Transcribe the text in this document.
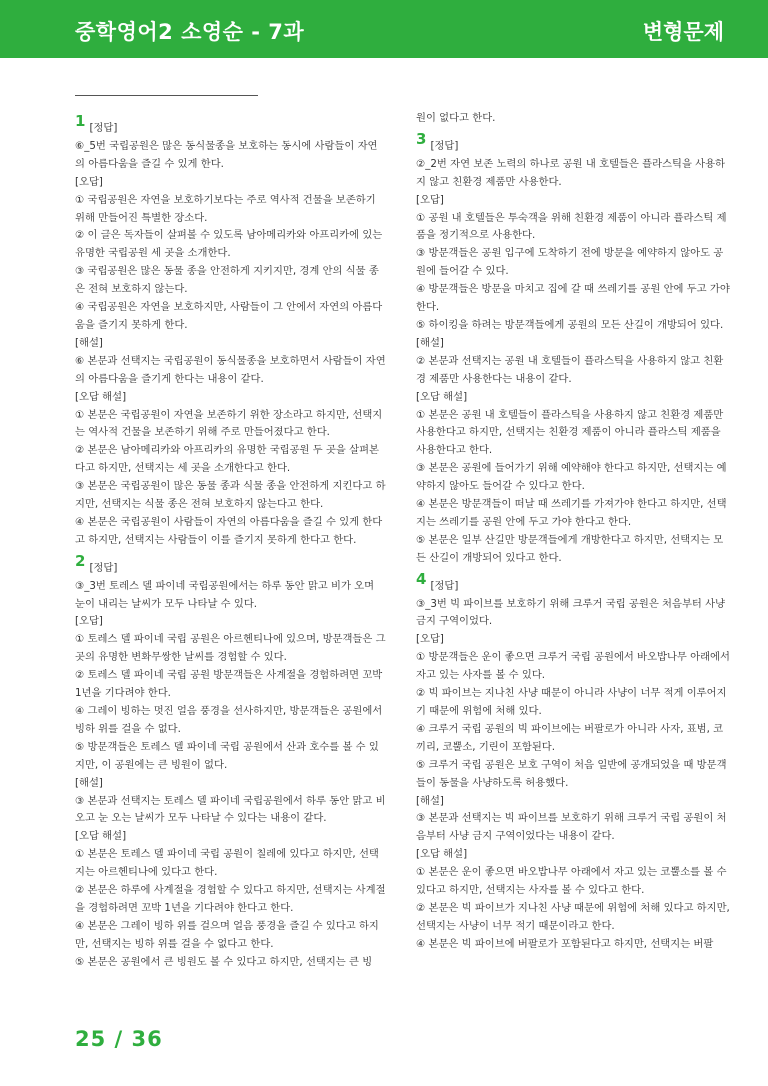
중학영어2 소영순 - 7과	변형문제
1 [정답]

⑥_5번 국립공원은 많은 동식물종을 보호하는 동시에 사람들이 자연의 아름다움을 즐길 수 있게 한다.

[오답]

① 국립공원은 자연을 보호하기보다는 주로 역사적 건물을 보존하기 위해 만들어진 특별한 장소다.

② 이 글은 독자들이 살펴볼 수 있도록 남아메리카와 아프리카에 있는 유명한 국립공원 세 곳을 소개한다.

③ 국립공원은 많은 동물 종을 안전하게 지키지만, 경계 안의 식물 종은 전혀 보호하지 않는다.

④ 국립공원은 자연을 보호하지만, 사람들이 그 안에서 자연의 아름다움을 즐기지 못하게 한다.

[해설]

⑥ 본문과 선택지는 국립공원이 동식물종을 보호하면서 사람들이 자연의 아름다움을 즐기게 한다는 내용이 같다.

[오답 해설]

① 본문은 국립공원이 자연을 보존하기 위한 장소라고 하지만, 선택지는 역사적 건물을 보존하기 위해 주로 만들어졌다고 한다.

② 본문은 남아메리카와 아프리카의 유명한 국립공원 두 곳을 살펴본다고 하지만, 선택지는 세 곳을 소개한다고 한다.

③ 본문은 국립공원이 많은 동물 종과 식물 종을 안전하게 지킨다고 하지만, 선택지는 식물 종은 전혀 보호하지 않는다고 한다.

④ 본문은 국립공원이 사람들이 자연의 아름다움을 즐길 수 있게 한다고 하지만, 선택지는 사람들이 이를 즐기지 못하게 한다고 한다.

2 [정답]

③_3번 토레스 델 파이네 국립공원에서는 하루 동안 맑고 비가 오며 눈이 내리는 날씨가 모두 나타날 수 있다.

[오답]

① 토레스 델 파이네 국립 공원은 아르헨티나에 있으며, 방문객들은 그곳의 유명한 변화무쌍한 날씨를 경험할 수 있다.

② 토레스 델 파이네 국립 공원 방문객들은 사계절을 경험하려면 꼬박 1년을 기다려야 한다.

④ 그레이 빙하는 멋진 얼음 풍경을 선사하지만, 방문객들은 공원에서 빙하 위를 걸을 수 없다.

⑤ 방문객들은 토레스 델 파이네 국립 공원에서 산과 호수를 볼 수 있지만, 이 공원에는 큰 빙원이 없다.

[해설]

③ 본문과 선택지는 토레스 델 파이네 국립공원에서 하루 동안 맑고 비 오고 눈 오는 날씨가 모두 나타날 수 있다는 내용이 같다.

[오답 해설]

① 본문은 토레스 델 파이네 국립 공원이 칠레에 있다고 하지만, 선택지는 아르헨티나에 있다고 한다.

② 본문은 하루에 사계절을 경험할 수 있다고 하지만, 선택지는 사계절을 경험하려면 꼬박 1년을 기다려야 한다고 한다.

④ 본문은 그레이 빙하 위를 걸으며 얼음 풍경을 즐길 수 있다고 하지만, 선택지는 빙하 위를 걸을 수 없다고 한다.

⑤ 본문은 공원에서 큰 빙원도 볼 수 있다고 하지만, 선택지는 큰 빙

원이 없다고 한다.

3 [정답]

②_2번 자연 보존 노력의 하나로 공원 내 호텔들은 플라스틱을 사용하지 않고 친환경 제품만 사용한다.

[오답]

① 공원 내 호텔들은 투숙객을 위해 친환경 제품이 아니라 플라스틱 제품을 정기적으로 사용한다.

③ 방문객들은 공원 입구에 도착하기 전에 방문을 예약하지 않아도 공원에 들어갈 수 있다.

④ 방문객들은 방문을 마치고 집에 갈 때 쓰레기를 공원 안에 두고 가야 한다.

⑤ 하이킹을 하려는 방문객들에게 공원의 모든 산길이 개방되어 있다.

[해설]

② 본문과 선택지는 공원 내 호텔들이 플라스틱을 사용하지 않고 친환경 제품만 사용한다는 내용이 같다.

[오답 해설]

① 본문은 공원 내 호텔들이 플라스틱을 사용하지 않고 친환경 제품만 사용한다고 하지만, 선택지는 친환경 제품이 아니라 플라스틱 제품을 사용한다고 한다.

③ 본문은 공원에 들어가기 위해 예약해야 한다고 하지만, 선택지는 예약하지 않아도 들어갈 수 있다고 한다.

④ 본문은 방문객들이 떠날 때 쓰레기를 가져가야 한다고 하지만, 선택지는 쓰레기를 공원 안에 두고 가야 한다고 한다.

⑤ 본문은 일부 산길만 방문객들에게 개방한다고 하지만, 선택지는 모든 산길이 개방되어 있다고 한다.

4 [정답]

③_3번 빅 파이브를 보호하기 위해 크루거 국립 공원은 처음부터 사냥 금지 구역이었다.

[오답]

① 방문객들은 운이 좋으면 크루거 국립 공원에서 바오밥나무 아래에서 자고 있는 사자를 볼 수 있다.

② 빅 파이브는 지나친 사냥 때문이 아니라 사냥이 너무 적게 이루어지기 때문에 위험에 처해 있다.

④ 크루거 국립 공원의 빅 파이브에는 버팔로가 아니라 사자, 표범, 코끼리, 코뿔소, 기린이 포함된다.

⑤ 크루거 국립 공원은 보호 구역이 처음 일반에 공개되었을 때 방문객들이 동물을 사냥하도록 허용했다.

[해설]

③ 본문과 선택지는 빅 파이브를 보호하기 위해 크루거 국립 공원이 처음부터 사냥 금지 구역이었다는 내용이 같다.

[오답 해설]

① 본문은 운이 좋으면 바오밥나무 아래에서 자고 있는 코뿔소를 볼 수 있다고 하지만, 선택지는 사자를 볼 수 있다고 한다.

② 본문은 빅 파이브가 지나친 사냥 때문에 위험에 처해 있다고 하지만, 선택지는 사냥이 너무 적기 때문이라고 한다.

④ 본문은 빅 파이브에 버팔로가 포함된다고 하지만, 선택지는 버팔

25 / 36
